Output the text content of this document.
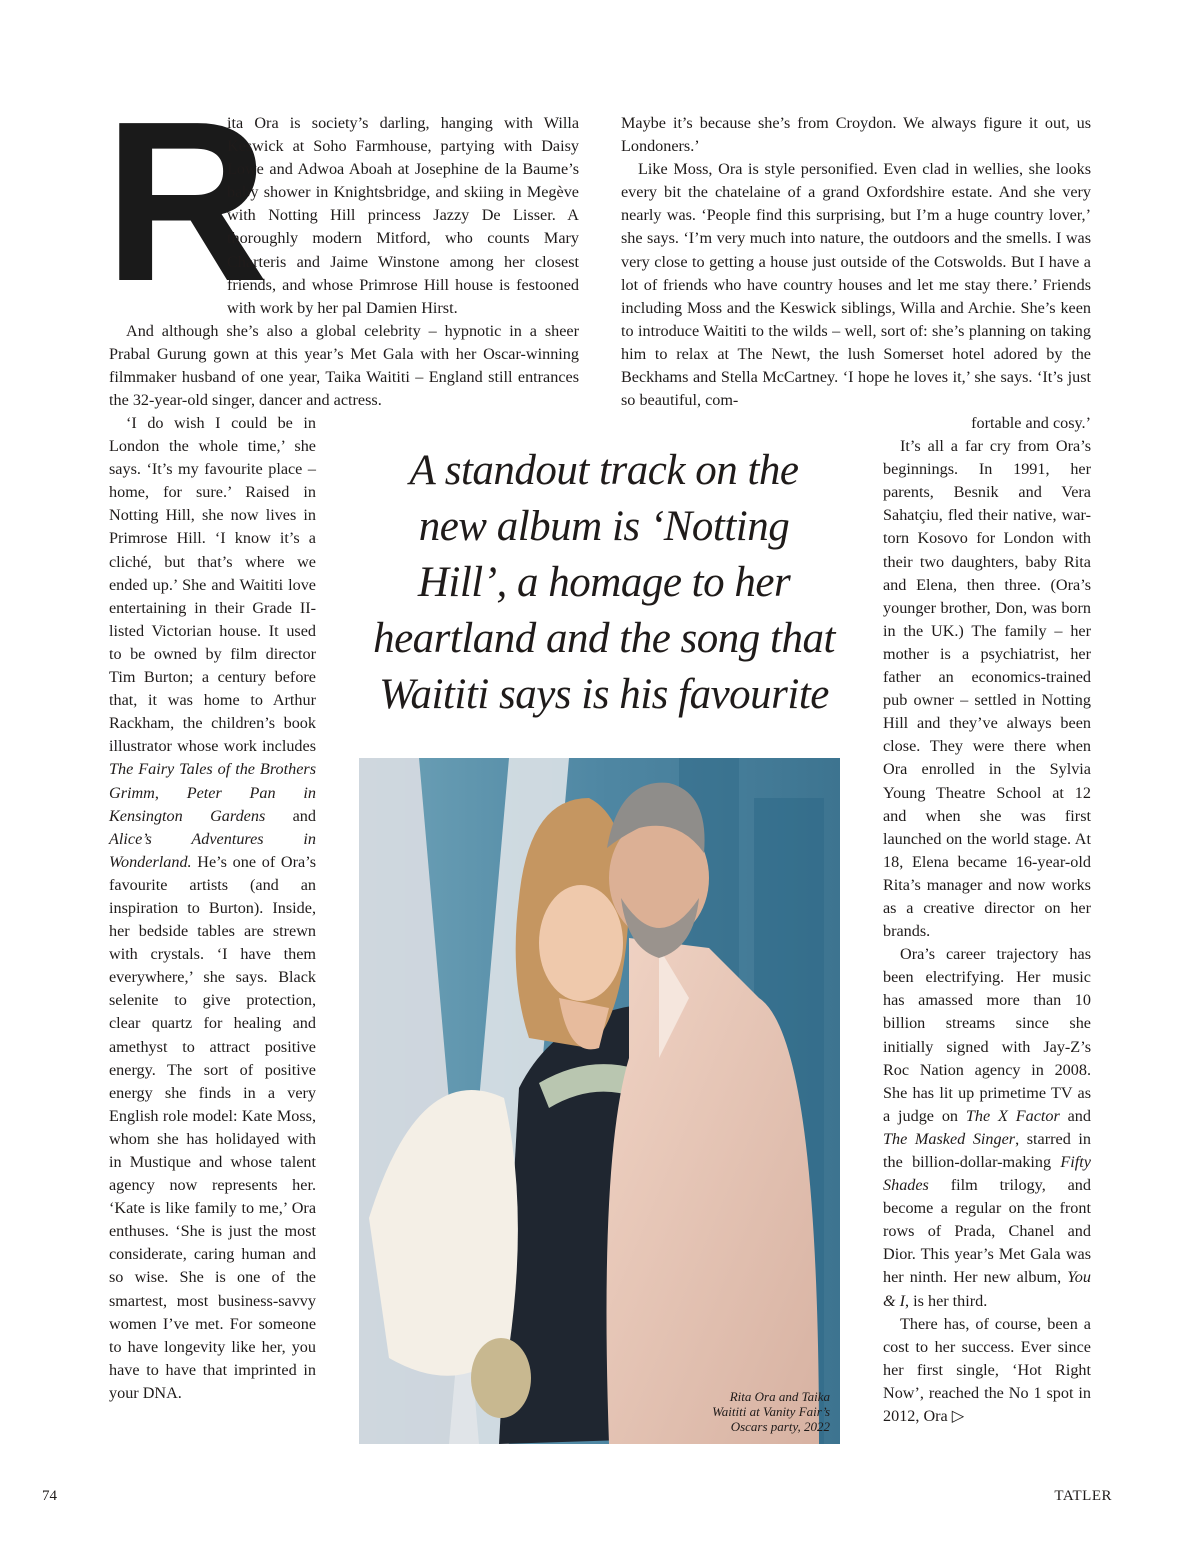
R

ita Ora is society’s darling, hanging with Willa Keswick at Soho Farmhouse, partying with Daisy Lowe and Adwoa Aboah at Josephine de la Baume’s baby shower in Knightsbridge, and skiing in Megève with Notting Hill princess Jazzy De Lisser. A thoroughly modern Mitford, who counts Mary Charteris and Jaime Winstone among her closest friends, and whose Primrose Hill house is festooned with work by her pal Damien Hirst.

And although she’s also a global celebrity – hypnotic in a sheer Prabal Gurung gown at this year’s Met Gala with her Oscar-winning filmmaker husband of one year, Taika Waititi – England still entrances the 32-year-old singer, dancer and actress.

‘I do wish I could be in London the whole time,’ she says. ‘It’s my favourite place – home, for sure.’ Raised in Notting Hill, she now lives in Primrose Hill. ‘I know it’s a cliché, but that’s where we ended up.’ She and Waititi love entertaining in their Grade II-listed Victorian house. It used to be owned by film director Tim Burton; a century before that, it was home to Arthur Rackham, the children’s book illustrator whose work includes The Fairy Tales of the Brothers Grimm, Peter Pan in Kensington Gardens and Alice’s Adventures in Wonderland. He’s one of Ora’s favourite artists (and an inspiration to Burton). Inside, her bedside tables are strewn with crystals. ‘I have them everywhere,’ she says. Black selenite to give protection, clear quartz for healing and amethyst to attract positive energy. The sort of positive energy she finds in a very English role model: Kate Moss, whom she has holidayed with in Mustique and whose talent agency now represents her. ‘Kate is like family to me,’ Ora enthuses. ‘She is just the most considerate, caring human and so wise. She is one of the smartest, most business-savvy women I’ve met. For someone to have longevity like her, you have to have that imprinted in your DNA.

Maybe it’s because she’s from Croydon. We always figure it out, us Londoners.’

Like Moss, Ora is style personified. Even clad in wellies, she looks every bit the chatelaine of a grand Oxfordshire estate. And she very nearly was. ‘People find this surprising, but I’m a huge country lover,’ she says. ‘I’m very much into nature, the outdoors and the smells. I was very close to getting a house just outside of the Cotswolds. But I have a lot of friends who have country houses and let me stay there.’ Friends including Moss and the Keswick siblings, Willa and Archie. She’s keen to introduce Waititi to the wilds – well, sort of: she’s planning on taking him to relax at The Newt, the lush Somerset hotel adored by the Beckhams and Stella McCartney. ‘I hope he loves it,’ she says. ‘It’s just so beautiful, com-

fortable and cosy.’

It’s all a far cry from Ora’s beginnings. In 1991, her parents, Besnik and Vera Sahatçiu, fled their native, war-torn Kosovo for London with their two daughters, baby Rita and Elena, then three. (Ora’s younger brother, Don, was born in the UK.) The family – her mother is a psychiatrist, her father an economics-trained pub owner – settled in Notting Hill and they’ve always been close. They were there when Ora enrolled in the Sylvia Young Theatre School at 12 and when she was first launched on the world stage. At 18, Elena became 16-year-old Rita’s manager and now works as a creative director on her brands.

Ora’s career trajectory has been electrifying. Her music has amassed more than 10 billion streams since she initially signed with Jay-Z’s Roc Nation agency in 2008. She has lit up primetime TV as a judge on The X Factor and The Masked Singer, starred in the billion-dollar-making Fifty Shades film trilogy, and become a regular on the front rows of Prada, Chanel and Dior. This year’s Met Gala was her ninth. Her new album, You & I, is her third.

There has, of course, been a cost to her success. Ever since her first single, ‘Hot Right Now’, reached the No 1 spot in 2012, Ora ▷

A standout track on the new album is ‘Notting Hill’, a homage to her heartland and the song that Waititi says is his favourite
Rita Ora and Taika Waititi at Vanity Fair’s Oscars party, 2022
74	TATLER
